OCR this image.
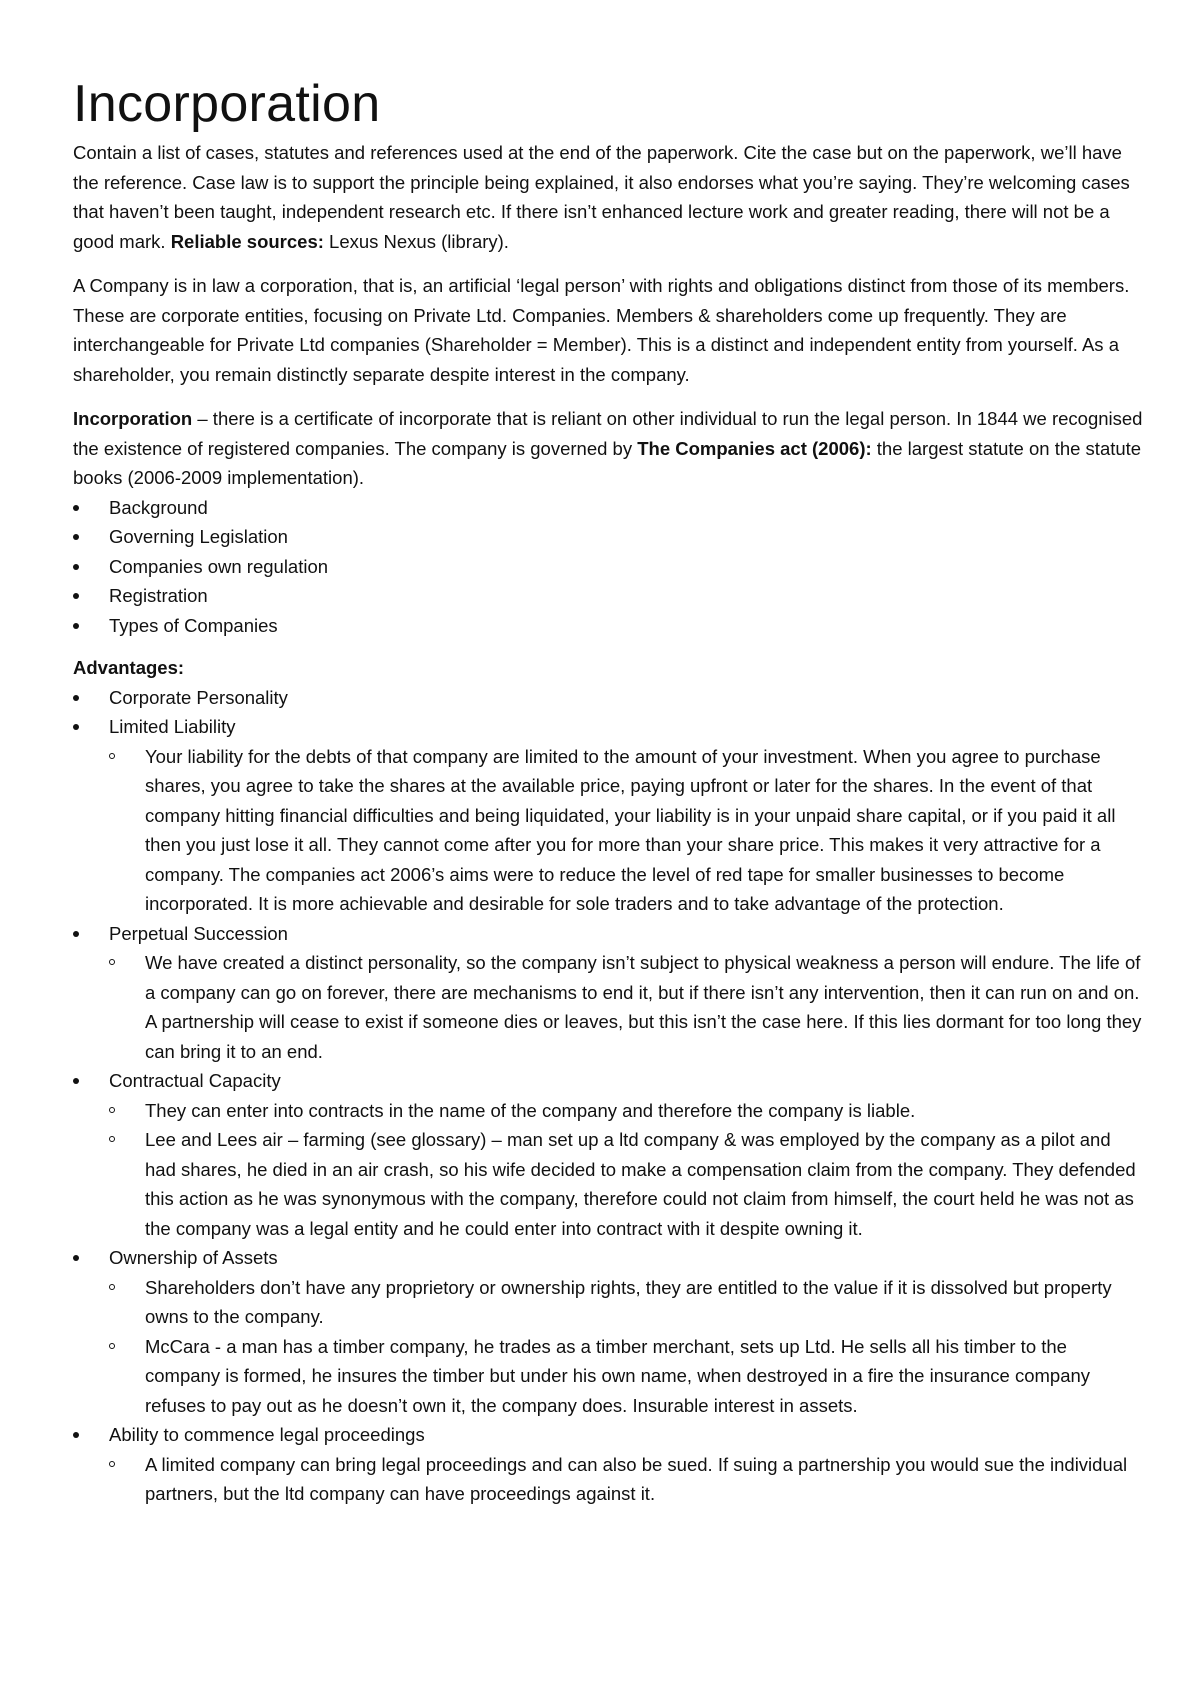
Incorporation

Contain a list of cases, statutes and references used at the end of the paperwork. Cite the case but on the paperwork, we’ll have the reference. Case law is to support the principle being explained, it also endorses what you’re saying. They’re welcoming cases that haven’t been taught, independent research etc. If there isn’t enhanced lecture work and greater reading, there will not be a good mark. Reliable sources: Lexus Nexus (library).

A Company is in law a corporation, that is, an artificial ‘legal person’ with rights and obligations distinct from those of its members. These are corporate entities, focusing on Private Ltd. Companies. Members & shareholders come up frequently. They are interchangeable for Private Ltd companies (Shareholder = Member). This is a distinct and independent entity from yourself. As a shareholder, you remain distinctly separate despite interest in the company.

Incorporation – there is a certificate of incorporate that is reliant on other individual to run the legal person. In 1844 we recognised the existence of registered companies. The company is governed by The Companies act (2006): the largest statute on the statute books (2006-2009 implementation).

Background
Governing Legislation
Companies own regulation
Registration
Types of Companies

Advantages:

Corporate Personality
Limited Liability
Your liability for the debts of that company are limited to the amount of your investment. When you agree to purchase shares, you agree to take the shares at the available price, paying upfront or later for the shares. In the event of that company hitting financial difficulties and being liquidated, your liability is in your unpaid share capital, or if you paid it all then you just lose it all. They cannot come after you for more than your share price. This makes it very attractive for a company. The companies act 2006’s aims were to reduce the level of red tape for smaller businesses to become incorporated. It is more achievable and desirable for sole traders and to take advantage of the protection.
Perpetual Succession
We have created a distinct personality, so the company isn’t subject to physical weakness a person will endure. The life of a company can go on forever, there are mechanisms to end it, but if there isn’t any intervention, then it can run on and on. A partnership will cease to exist if someone dies or leaves, but this isn’t the case here. If this lies dormant for too long they can bring it to an end.
Contractual Capacity
They can enter into contracts in the name of the company and therefore the company is liable.
Lee and Lees air – farming (see glossary) – man set up a ltd company & was employed by the company as a pilot and had shares, he died in an air crash, so his wife decided to make a compensation claim from the company. They defended this action as he was synonymous with the company, therefore could not claim from himself, the court held he was not as the company was a legal entity and he could enter into contract with it despite owning it.
Ownership of Assets
Shareholders don’t have any proprietory or ownership rights, they are entitled to the value if it is dissolved but property owns to the company.
McCara - a man has a timber company, he trades as a timber merchant, sets up Ltd. He sells all his timber to the company is formed, he insures the timber but under his own name, when destroyed in a fire the insurance company refuses to pay out as he doesn’t own it, the company does. Insurable interest in assets.
Ability to commence legal proceedings
A limited company can bring legal proceedings and can also be sued. If suing a partnership you would sue the individual partners, but the ltd company can have proceedings against it.
